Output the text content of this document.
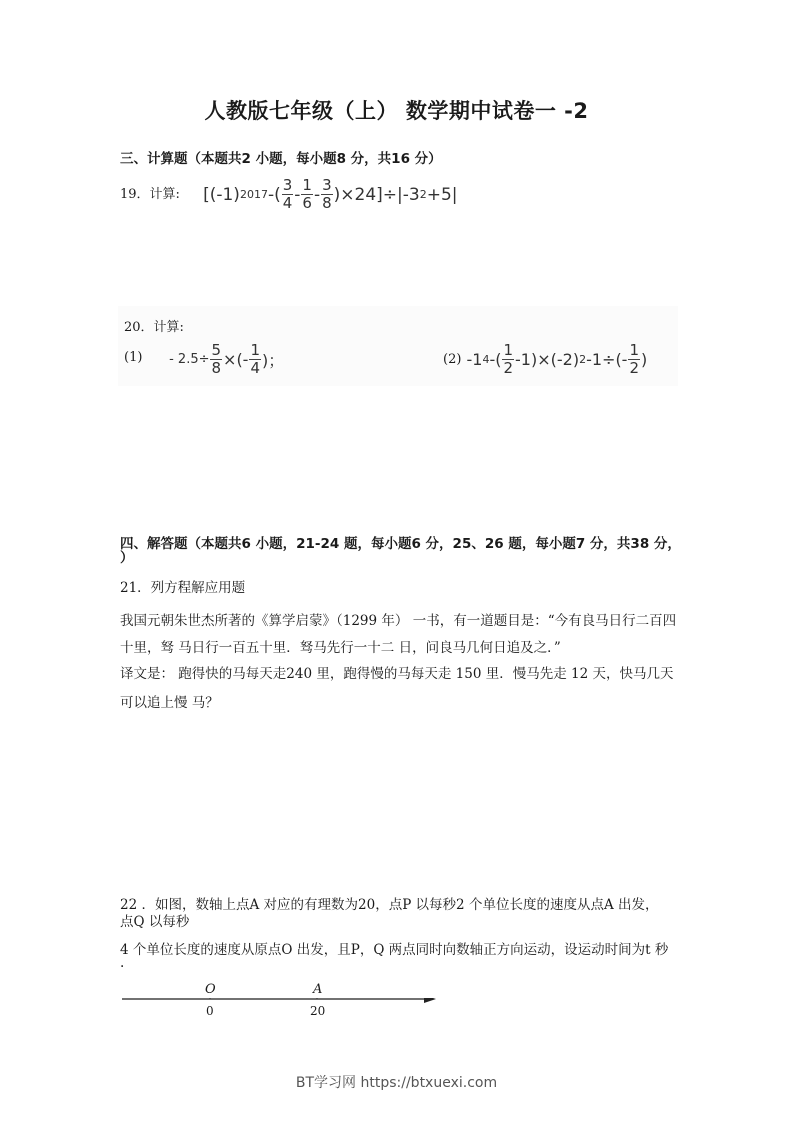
人教版七年级（上） 数学期中试卷一 -2
三、计算题（本题共2 小题，每小题8 分，共16 分）
19．计算: [(-1) 2017 -( $\frac{3}{4} - \frac{1}{6} - \frac{3}{8} )\times 24]\div|-3$ 2 +5|
20．计算:
$(1) - 2.5\div \frac{5}{8}$ ×(- $\frac{1}{4}$ )；	(2) -1 4 -( $\frac{1}{2} -1)\times(-2)$ 2 $-1\div(- \frac{1}{2}$ )
四、解答题（本题共6 小题，21-24 题，每小题6 分，25、26 题，每小题7 分，共38 分，
）
21．列方程解应用题
我国元朝朱世杰所著的《算学启蒙》（1299 年） 一书，有一道题目是：“今有良马日行二百四
十里，驽 马日行一百五十里．驽马先行一十二 日，问良马几何日追及之．”
译文是： 跑得快的马每天走240 里，跑得慢的马每天走 150 里．慢马先走 12 天，快马几天
可以追上慢 马？
22 ．如图，数轴上点A 对应的有理数为20，点P 以每秒2 个单位长度的速度从点A 出发，
点Q 以每秒
4 个单位长度的速度从原点O 出发，且P，Q 两点同时向数轴正方向运动，设运动时间为t 秒
.
O
0
A
20
BT学习网 https://btxuexi.com
